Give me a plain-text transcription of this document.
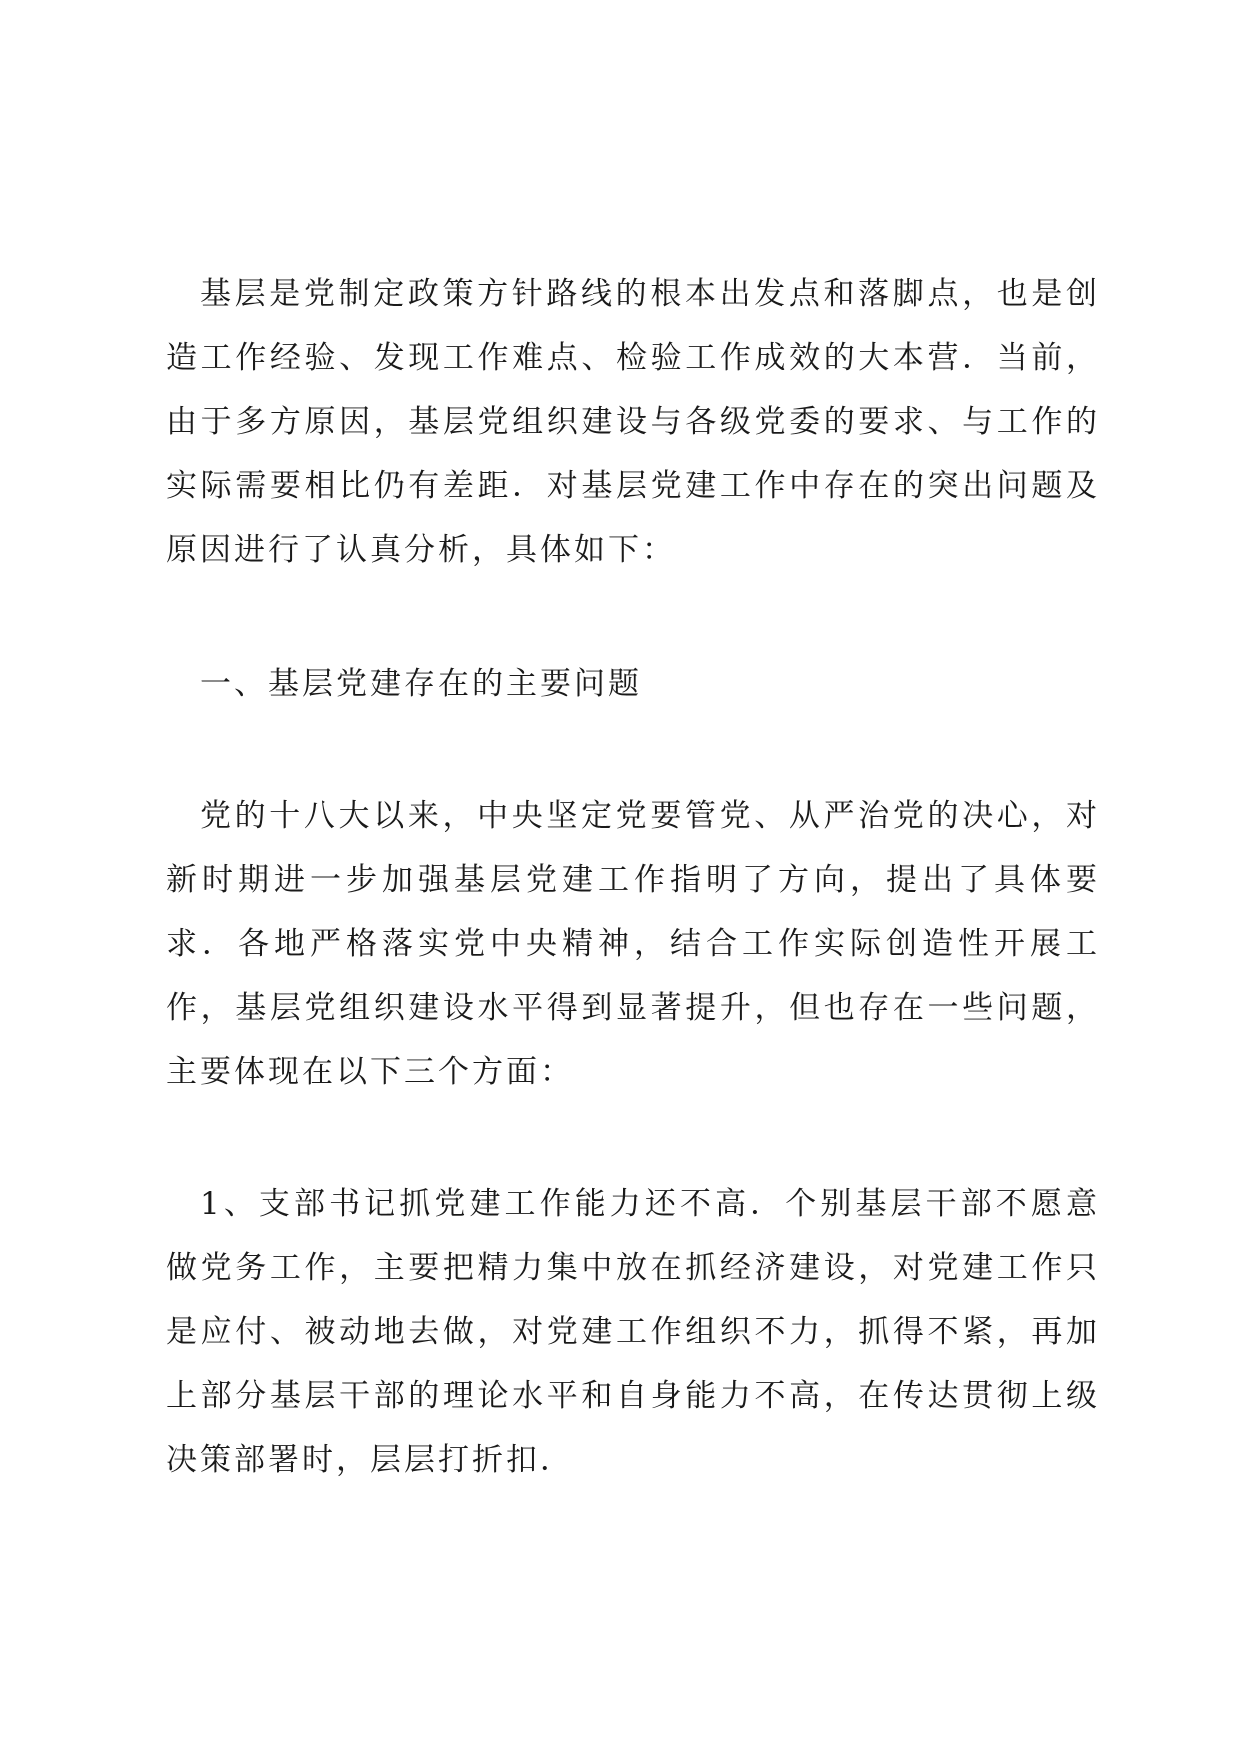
基层是党制定政策方针路线的根本出发点和落脚点，也是创造工作经验、发现工作难点、检验工作成效的大本营．当前，由于多方原因，基层党组织建设与各级党委的要求、与工作的实际需要相比仍有差距．对基层党建工作中存在的突出问题及原因进行了认真分析，具体如下：

一、基层党建存在的主要问题

党的十八大以来，中央坚定党要管党、从严治党的决心，对新时期进一步加强基层党建工作指明了方向，提出了具体要求．各地严格落实党中央精神，结合工作实际创造性开展工作，基层党组织建设水平得到显著提升，但也存在一些问题，主要体现在以下三个方面：

1、支部书记抓党建工作能力还不高．个别基层干部不愿意做党务工作，主要把精力集中放在抓经济建设，对党建工作只是应付、被动地去做，对党建工作组织不力，抓得不紧，再加上部分基层干部的理论水平和自身能力不高，在传达贯彻上级决策部署时，层层打折扣．
